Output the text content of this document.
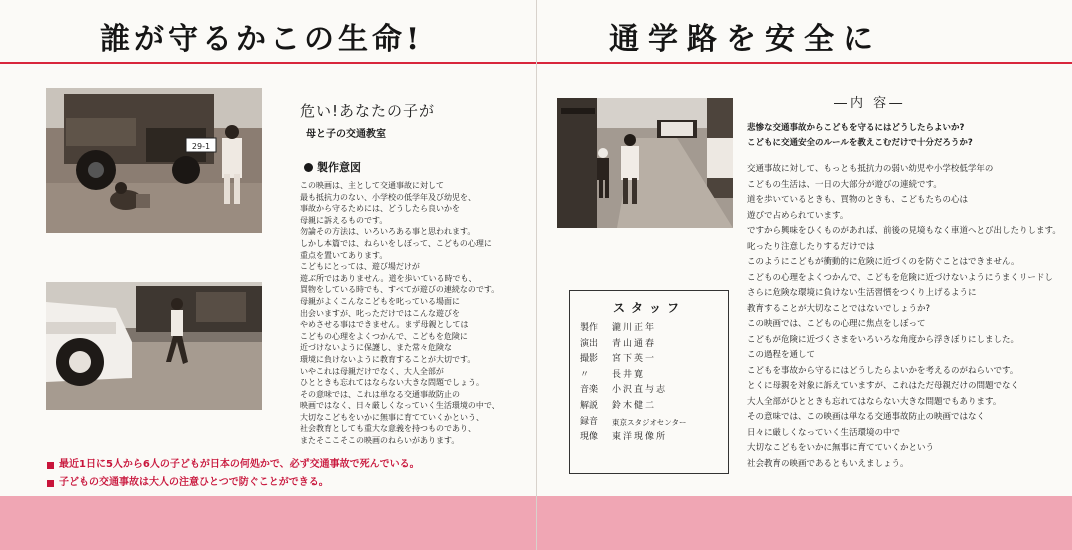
誰が守るかこの生命!
29-1
危い!あなたの子が
母と子の交通教室
製作意図
この映画は、主として交通事故に対して
最も抵抗力のない、小学校の低学年及び幼児を、
事故から守るためには、どうしたら良いかを
母親に訴えるものです。
勿論その方法は、いろいろある事と思われます。
しかし本篇では、ねらいをしぼって、こどもの心理に
重点を置いてあります。
こどもにとっては、遊び場だけが
遊ぶ所ではありません。道を歩いている時でも、
買物をしている時でも、すべてが遊びの連続なのです。
母親がよくこんなこどもを叱っている場面に
出会いますが、叱っただけではこんな遊びを
やめさせる事はできません。まず母親としては
こどもの心理をよくつかんで、こどもを危険に
近づけないように保護し、また常々危険な
環境に負けないように教育することが大切です。
いやこれは母親だけでなく、大人全部が
ひとときも忘れてはならない大きな問題でしょう。
その意味では、これは単なる交通事故防止の
映画ではなく、日々厳しくなっていく生活環境の中で、
大切なこどもをいかに無事に育てていくかという、
社会教育としても重大な意義を持つものであり、
またそここそこの映画のねらいがあります。
最近1日に5人から6人の子どもが日本の何処かで、必ず交通事故で死んでいる。
子どもの交通事故は大人の注意ひとつで防ぐことができる。
通学路を安全に
―内 容―
悲惨な交通事故からこどもを守るにはどうしたらよいか?
こどもに交通安全のルールを教えこむだけで十分だろうか?
交通事故に対して、もっとも抵抗力の弱い幼児や小学校低学年の
こどもの生活は、一日の大部分が遊びの連続です。
道を歩いているときも、買物のときも、こどもたちの心は
遊びで占められています。
ですから興味をひくものがあれば、前後の見境もなく車道へとび出したりします。
叱ったり注意したりするだけでは
このようにこどもが衝動的に危険に近づくのを防ぐことはできません。
こどもの心理をよくつかんで、こどもを危険に近づけないようにうまくリードし
さらに危険な環境に負けない生活習慣をつくり上げるように
教育することが大切なことではないでしょうか?
この映画では、こどもの心理に焦点をしぼって
こどもが危険に近づくさまをいろいろな角度から浮きぼりにしました。
この過程を通して
こどもを事故から守るにはどうしたらよいかを考えるのがねらいです。
とくに母親を対象に訴えていますが、これはただ母親だけの問題でなく
大人全部がひとときも忘れてはならない大きな問題でもあります。
その意味では、この映画は単なる交通事故防止の映画ではなく
日々に厳しくなっていく生活環境の中で
大切なこどもをいかに無事に育てていくかという
社会教育の映画であるともいえましょう。
スタッフ
製作	瀧川正年
演出	青山通春
撮影	宮下英一
〃	長井寛
音楽	小沢直与志
解説	鈴木健二
録音	東京スタジオセンター
現像	東洋現像所
